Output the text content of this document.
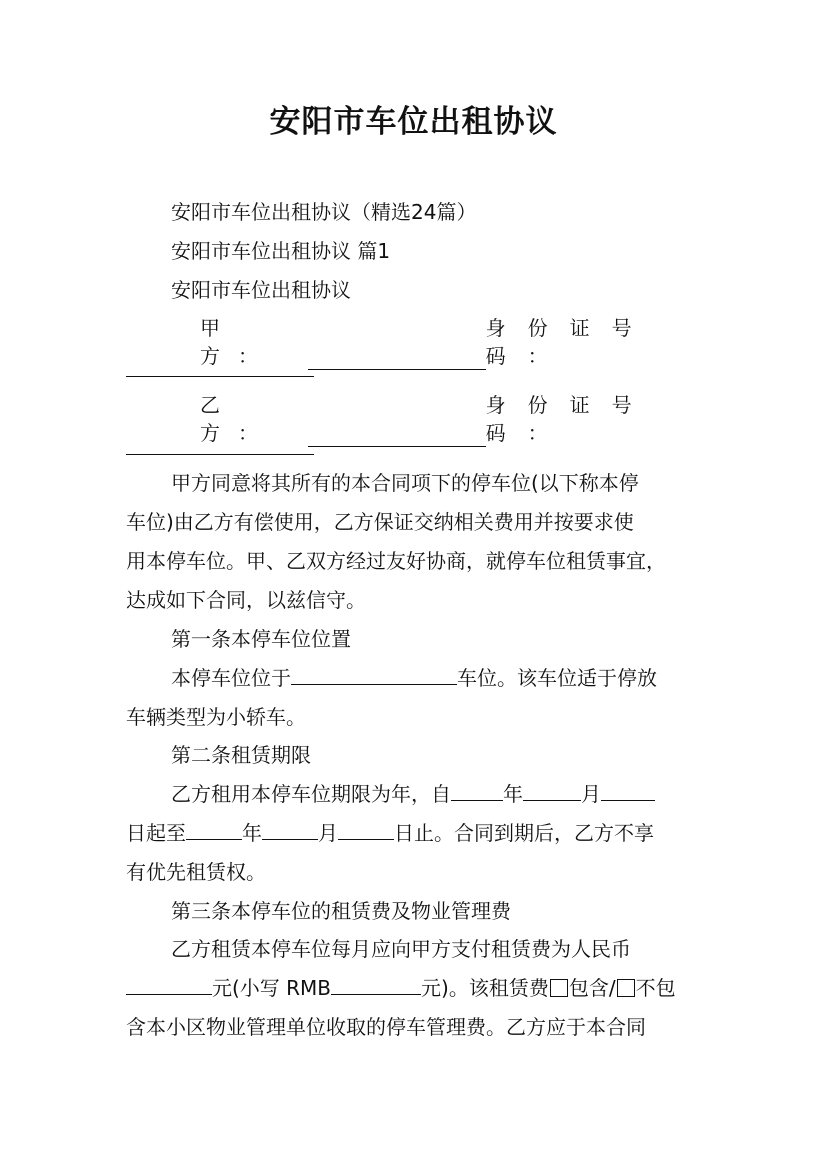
安阳市车位出租协议
安阳市车位出租协议（精选24篇）
安阳市车位出租协议 篇1
安阳市车位出租协议
甲方：
身份证号码：
乙方：
身份证号码：
甲方同意将其所有的本合同项下的停车位(以下称本停
车位)由乙方有偿使用，乙方保证交纳相关费用并按要求使
用本停车位。甲、乙双方经过友好协商，就停车位租赁事宜，
达成如下合同，以兹信守。
第一条本停车位位置
本停车位位于	车位。该车位适于停放
车辆类型为小轿车。
第二条租赁期限
乙方租用本停车位期限为年，自	年	月
日起至	年	月	日止。合同到期后，乙方不享
有优先租赁权。
第三条本停车位的租赁费及物业管理费
乙方租赁本停车位每月应向甲方支付租赁费为人民币
元(小写 RMB	元)。该租赁费 包含/ 不包
含本小区物业管理单位收取的停车管理费。乙方应于本合同
